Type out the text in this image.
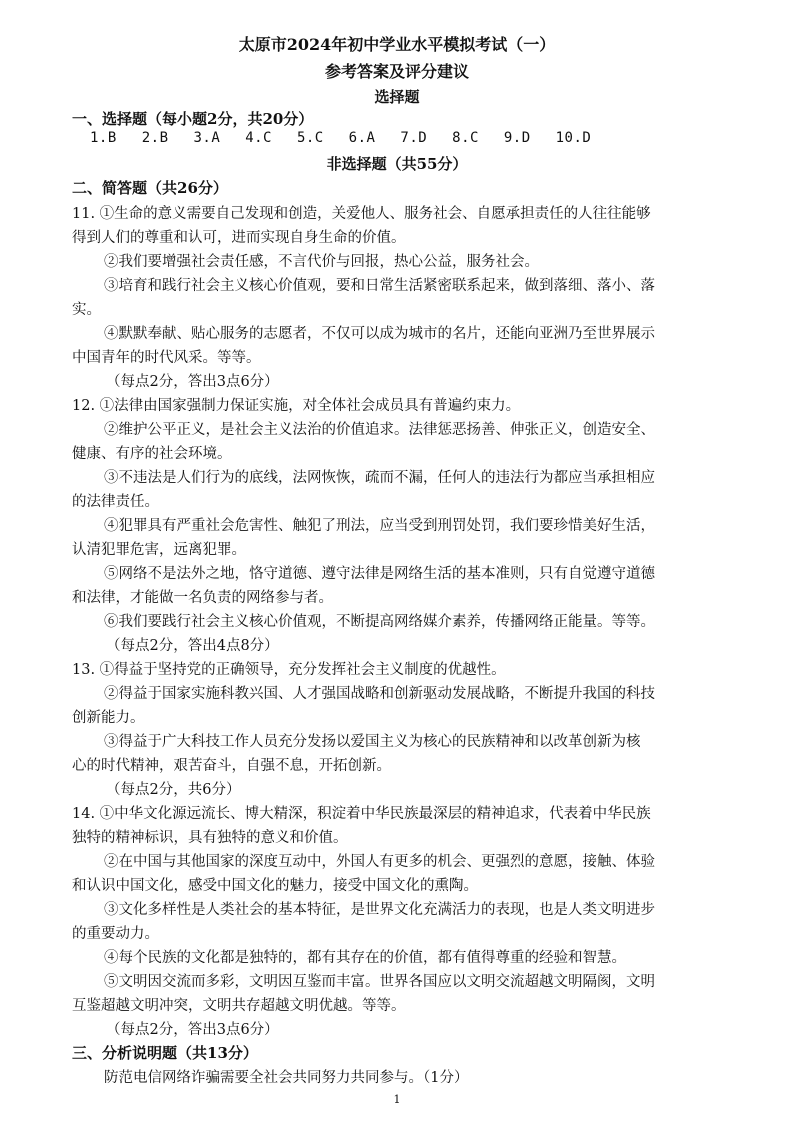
太原市2024年初中学业水平模拟考试（一）
参考答案及评分建议
选择题
一、选择题（每小题2分，共20分）
1.B 2.B 3.A 4.C 5.C 6.A 7.D 8.C 9.D 10.D
非选择题（共55分）
二、简答题（共26分）
11. ①生命的意义需要自己发现和创造，关爱他人、服务社会、自愿承担责任的人往往能够
得到人们的尊重和认可，进而实现自身生命的价值。
②我们要增强社会责任感，不言代价与回报，热心公益，服务社会。
③培育和践行社会主义核心价值观，要和日常生活紧密联系起来，做到落细、落小、落
实。
④默默奉献、贴心服务的志愿者，不仅可以成为城市的名片，还能向亚洲乃至世界展示
中国青年的时代风采。等等。
（每点2分，答出3点6分）
12. ①法律由国家强制力保证实施，对全体社会成员具有普遍约束力。
②维护公平正义，是社会主义法治的价值追求。法律惩恶扬善、伸张正义，创造安全、
健康、有序的社会环境。
③不违法是人们行为的底线，法网恢恢，疏而不漏，任何人的违法行为都应当承担相应
的法律责任。
④犯罪具有严重社会危害性、触犯了刑法，应当受到刑罚处罚，我们要珍惜美好生活，
认清犯罪危害，远离犯罪。
⑤网络不是法外之地，恪守道德、遵守法律是网络生活的基本准则，只有自觉遵守道德
和法律，才能做一名负责的网络参与者。
⑥我们要践行社会主义核心价值观，不断提高网络媒介素养，传播网络正能量。等等。
（每点2分，答出4点8分）
13. ①得益于坚持党的正确领导，充分发挥社会主义制度的优越性。
②得益于国家实施科教兴国、人才强国战略和创新驱动发展战略，不断提升我国的科技
创新能力。
③得益于广大科技工作人员充分发扬以爱国主义为核心的民族精神和以改革创新为核
心的时代精神，艰苦奋斗，自强不息，开拓创新。
（每点2分，共6分）
14. ①中华文化源远流长、博大精深，积淀着中华民族最深层的精神追求，代表着中华民族
独特的精神标识，具有独特的意义和价值。
②在中国与其他国家的深度互动中，外国人有更多的机会、更强烈的意愿，接触、体验
和认识中国文化，感受中国文化的魅力，接受中国文化的熏陶。
③文化多样性是人类社会的基本特征，是世界文化充满活力的表现，也是人类文明进步
的重要动力。
④每个民族的文化都是独特的，都有其存在的价值，都有值得尊重的经验和智慧。
⑤文明因交流而多彩，文明因互鉴而丰富。世界各国应以文明交流超越文明隔阂，文明
互鉴超越文明冲突，文明共存超越文明优越。等等。
（每点2分，答出3点6分）
三、分析说明题（共13分）
防范电信网络诈骗需要全社会共同努力共同参与。（1分）
1
